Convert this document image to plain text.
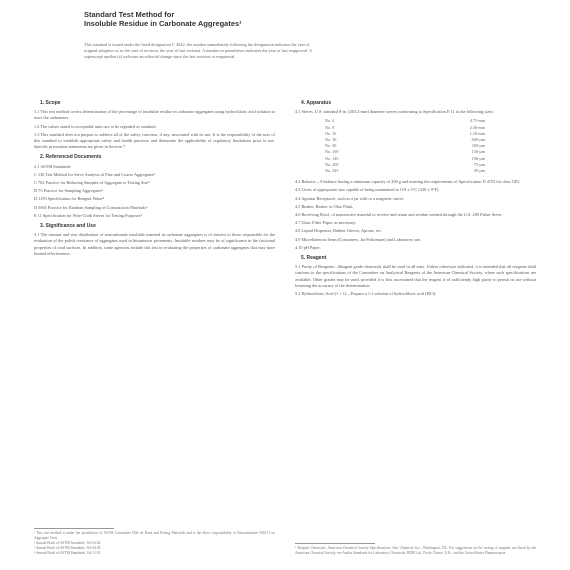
Standard Test Method for
Insoluble Residue in Carbonate Aggregates¹

This standard is issued under the fixed designation C 3042; the number immediately following the designation indicates the year of

original adoption or, in the case of revision, the year of last revision. A number in parentheses indicates the year of last reapproval. A

superscript epsilon (ε) indicates an editorial change since the last revision or reapproval.

1. Scope

1.1 This test method covers determination of the percentage of insoluble residue in carbonate aggregates using hydrochloric acid solution to react the carbonates.

1.2 The values stated in acceptable units are to be regarded as standard.

1.3 This standard does not purport to address all of the safety concerns, if any, associated with its use. It is the responsibility of the user of this standard to establish appropriate safety and health practices and determine the applicability of regulatory limitations prior to use. Specific precaution statements are given in Section 7.

2. Referenced Documents

2.1 ASTM Standards:

C 136 Test Method for Sieve Analysis of Fine and Coarse Aggregates²

C 702 Practice for Reducing Samples of Aggregate to Testing Size²

D 75 Practice for Sampling Aggregates³

D 1193 Specification for Reagent Water⁴

D 3665 Practice for Random Sampling of Construction Materials³

E 11 Specification for Wire-Cloth Sieves for Testing Purposes⁵

3. Significance and Use

3.1 The amount and size distribution of noncarbonate insoluble material in carbonate aggregates is of interest to those responsible for the evaluation of the polish resistance of aggregates used in bituminous pavements. Insoluble residues may be of significance in the frictional properties of road surfaces. In addition, some agencies include this test in evaluating the properties of carbonate aggregates that may have limited effectiveness.

¹ This test method is under the jurisdiction of ASTM Committee D04 on Road and Paving Materials and is the direct responsibility of Subcommittee D04.51 on Aggregate Tests.

² Annual Book of ASTM Standards, Vol 04.02.

³ Annual Book of ASTM Standards, Vol 04.03.

⁴ Annual Book of ASTM Standards, Vol 11.01.

4. Apparatus

4.1 Sieves, U.S. standard 8-in. (203.2-mm) diameter sieves conforming to Specification E 11 in the following sizes:

No. 4	4.75-mm
No. 8	2.36-mm
No. 16	1.18-mm
No. 30	600-µm
No. 50	300-µm
No. 100	150-µm
No. 140	106-µm
No. 200	75-µm
No. 325	45-µm

4.2 Balance—A balance having a minimum capacity of 200 g and meeting the requirements of Specification D 4753 for class GP2.

4.3 Oven, of appropriate size capable of being maintained at 110 ± 5°C (230 ± 9°F).

4.4 Agitator Receptacle, such as a jar with or a magnetic stirrer.

4.5 Beaker, Beaker or Ohio Flask.

4.6 Receiving Bowl, of nonreactive material to receive and retain and residue washed through the U.S. 200 Fisher Sieve.

4.7 Glass Filter Paper, as necessary.

4.8 Liquid Dispenser, Rubber Gloves, Aprons, etc.

4.9 Miscellaneous Items (Containers, Jar Policeman) and Laboratory use.

4.10 pH Paper.

5. Reagent

5.1 Purity of Reagents—Reagent grade chemicals shall be used in all tests. Unless otherwise indicated, it is intended that all reagents shall conform to the specifications of the Committee on Analytical Reagents of the American Chemical Society, where such specifications are available. Other grades may be used, provided it is first ascertained that the reagent is of sufficiently high purity to permit its use without lessening the accuracy of the determination.

5.2 Hydrochloric Acid (1 + 1)—Prepare a 1:1 solution of hydrochloric acid (HCl).

⁵ Reagent Chemicals, American Chemical Society Specifications, Am. Chemical Soc., Washington, DC. For suggestions on the testing of reagents not listed by the American Chemical Society, see Analar Standards for Laboratory Chemicals, BDH Ltd., Poole, Dorset, U.K., and the United States Pharmacopeia.
